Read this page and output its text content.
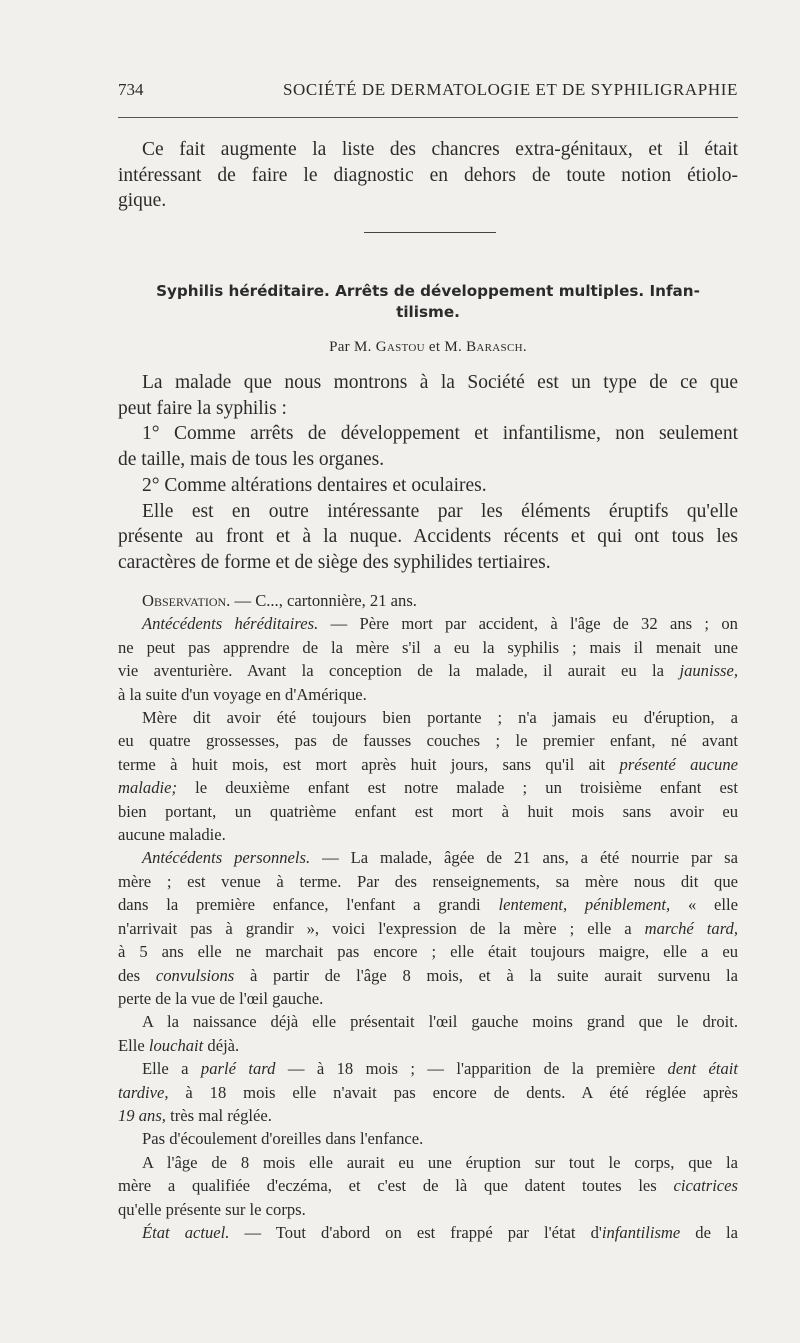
734	SOCIÉTÉ DE DERMATOLOGIE ET DE SYPHILIGRAPHIE
Ce fait augmente la liste des chancres extra-génitaux, et il était
intéressant de faire le diagnostic en dehors de toute notion étiolo-
gique.
Syphilis héréditaire. Arrêts de développement multiples. Infan-
tilisme.
Par M. Gastou et M. Barasch.
La malade que nous montrons à la Société est un type de ce que
peut faire la syphilis :
1° Comme arrêts de développement et infantilisme, non seulement
de taille, mais de tous les organes.
2° Comme altérations dentaires et oculaires.
Elle est en outre intéressante par les éléments éruptifs qu'elle
présente au front et à la nuque. Accidents récents et qui ont tous les
caractères de forme et de siège des syphilides tertiaires.
Observation. — C..., cartonnière, 21 ans.
Antécédents héréditaires. — Père mort par accident, à l'âge de 32 ans ; on
ne peut pas apprendre de la mère s'il a eu la syphilis ; mais il menait une
vie aventurière. Avant la conception de la malade, il aurait eu la jaunisse,
à la suite d'un voyage en d'Amérique.
Mère dit avoir été toujours bien portante ; n'a jamais eu d'éruption, a
eu quatre grossesses, pas de fausses couches ; le premier enfant, né avant
terme à huit mois, est mort après huit jours, sans qu'il ait présenté aucune
maladie; le deuxième enfant est notre malade ; un troisième enfant est
bien portant, un quatrième enfant est mort à huit mois sans avoir eu
aucune maladie.
Antécédents personnels. — La malade, âgée de 21 ans, a été nourrie par sa
mère ; est venue à terme. Par des renseignements, sa mère nous dit que
dans la première enfance, l'enfant a grandi lentement, péniblement, « elle
n'arrivait pas à grandir », voici l'expression de la mère ; elle a marché tard,
à 5 ans elle ne marchait pas encore ; elle était toujours maigre, elle a eu
des convulsions à partir de l'âge 8 mois, et à la suite aurait survenu la
perte de la vue de l'œil gauche.
A la naissance déjà elle présentait l'œil gauche moins grand que le droit.
Elle louchait déjà.
Elle a parlé tard — à 18 mois ; — l'apparition de la première dent était
tardive, à 18 mois elle n'avait pas encore de dents. A été réglée après
19 ans, très mal réglée.
Pas d'écoulement d'oreilles dans l'enfance.
A l'âge de 8 mois elle aurait eu une éruption sur tout le corps, que la
mère a qualifiée d'eczéma, et c'est de là que datent toutes les cicatrices
qu'elle présente sur le corps.
État actuel. — Tout d'abord on est frappé par l'état d'infantilisme de la
